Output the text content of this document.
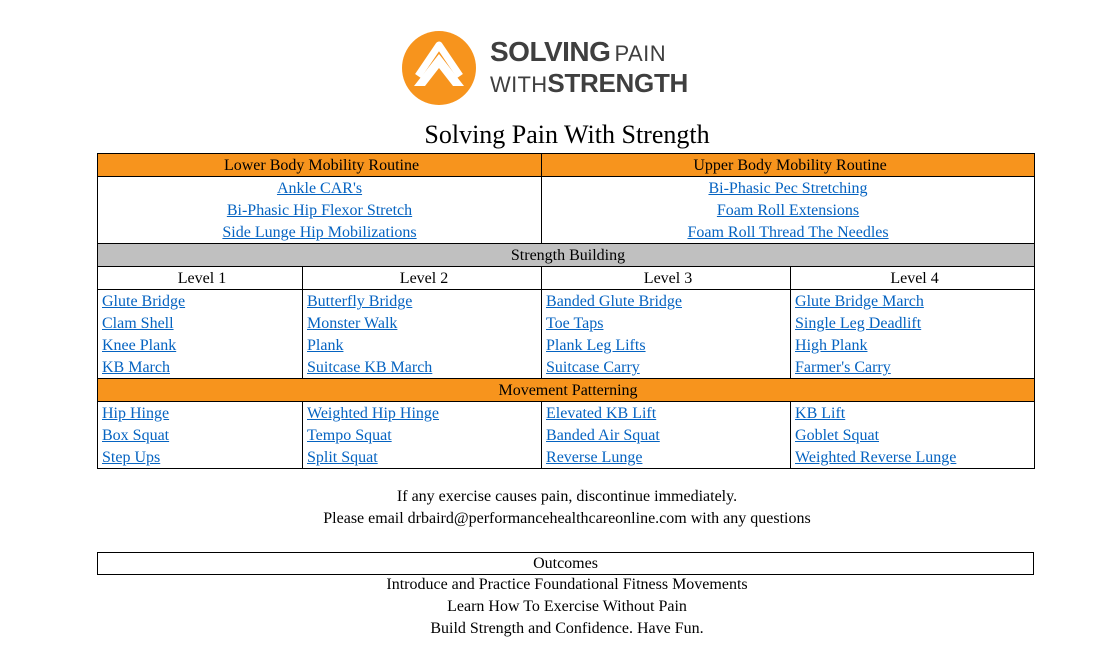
SOLVING PAIN
WITHSTRENGTH
Solving Pain With Strength
Lower Body Mobility Routine		Upper Body Mobility Routine	
Ankle CAR's		Bi-Phasic Pec Stretching	
Bi-Phasic Hip Flexor Stretch		Foam Roll Extensions	
Side Lunge Hip Mobilizations		Foam Roll Thread The Needles	
Strength Building			
Level 1	Level 2	Level 3	Level 4
Glute Bridge	Butterfly Bridge	Banded Glute Bridge	Glute Bridge March
Clam Shell	Monster Walk	Toe Taps	Single Leg Deadlift
Knee Plank	Plank	Plank Leg Lifts	High Plank
KB March	Suitcase KB March	Suitcase Carry	Farmer's Carry
Movement Patterning			
Hip Hinge	Weighted Hip Hinge	Elevated KB Lift	KB Lift
Box Squat	Tempo Squat	Banded Air Squat	Goblet Squat
Step Ups	Split Squat	Reverse Lunge	Weighted Reverse Lunge
If any exercise causes pain, discontinue immediately.
Please email drbaird@performancehealthcareonline.com with any questions
Outcomes
Introduce and Practice Foundational Fitness Movements
Learn How To Exercise Without Pain
Build Strength and Confidence. Have Fun.
